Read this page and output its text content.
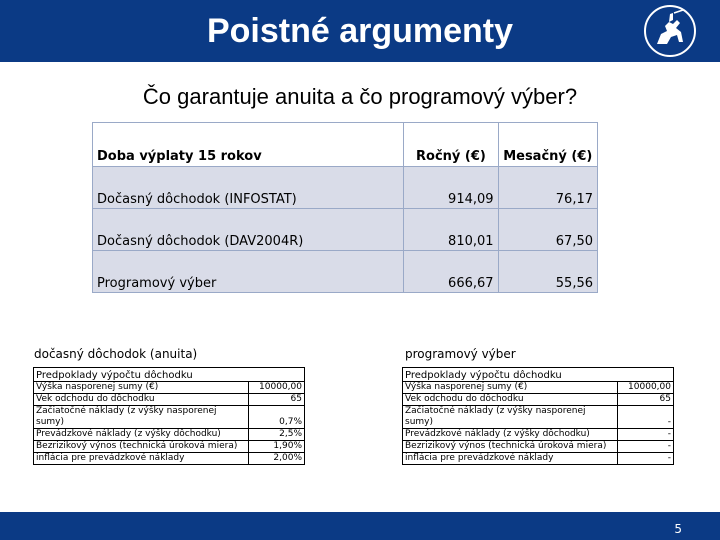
Poistné argumenty
Čo garantuje anuita a čo programový výber?
Doba výplaty 15 rokov	Ročný (€)	Mesačný (€)
Dočasný dôchodok (INFOSTAT)	914,09	76,17
Dočasný dôchodok (DAV2004R)	810,01	67,50
Programový výber	666,67	55,56
dočasný dôchodok (anuita)
Predpoklady výpočtu dôchodku	
Výška nasporenej sumy (€)	10000,00
Vek odchodu do dôchodku	65
Začiatočné náklady (z výšky nasporenej sumy)	0,7%
Prevádzkové náklady (z výšky dôchodku)	2,5%
Bezrizikový výnos (technická úroková miera)	1,90%
inflácia pre prevádzkové náklady	2,00%
programový výber
Predpoklady výpočtu dôchodku	
Výška nasporenej sumy (€)	10000,00
Vek odchodu do dôchodku	65
Začiatočné náklady (z výšky nasporenej sumy)	-
Prevádzkové náklady (z výšky dôchodku)	-
Bezrizikový výnos (technická úroková miera)	-
inflácia pre prevádzkové náklady	-
5
